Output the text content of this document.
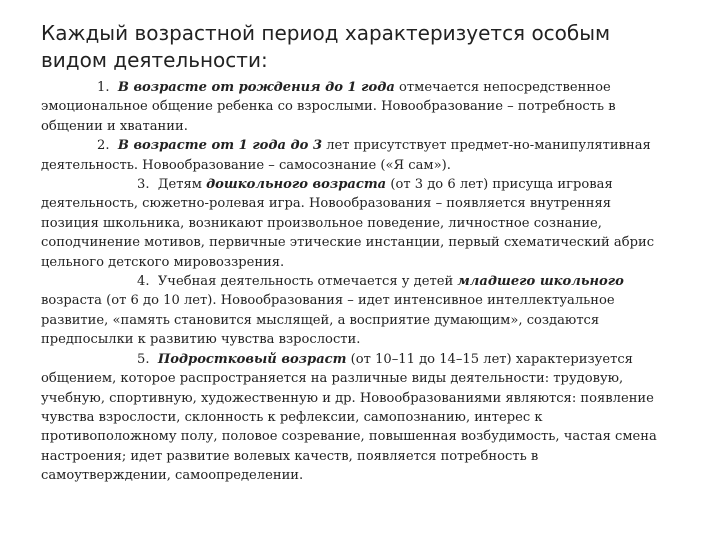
Каждый возрастной период характеризуется особым видом деятельности:

1. В возрасте от рождения до 1 года отмечается непосредственное эмоциональное общение ребенка со взрослыми. Новообразование – потребность в общении и хватании.

2. В возрасте от 1 года до 3 лет присутствует предмет-но-манипулятивная деятельность. Новообразование – самосознание («Я сам»).

3. Детям дошкольного возраста (от 3 до 6 лет) присуща игровая деятельность, сюжетно-ролевая игра. Новообразования – появляется внутренняя позиция школьника, возникают произвольное поведение, личностное сознание, соподчинение мотивов, первичные этические инстанции, первый схематический абрис цельного детского мировоззрения.

4. Учебная деятельность отмечается у детей младшего школьного возраста (от 6 до 10 лет). Новообразования – идет интенсивное интеллектуальное развитие, «память становится мыслящей, а восприятие думающим», создаются предпосылки к развитию чувства взрослости.

5. Подростковый возраст (от 10–11 до 14–15 лет) характеризуется общением, которое распространяется на различные виды деятельности: трудовую, учебную, спортивную, художественную и др. Новообразованиями являются: появление чувства взрослости, склонность к рефлексии, самопознанию, интерес к противоположному полу, половое созревание, повышенная возбудимость, частая смена настроения; идет развитие волевых качеств, появляется потребность в самоутверждении, самоопределении.
